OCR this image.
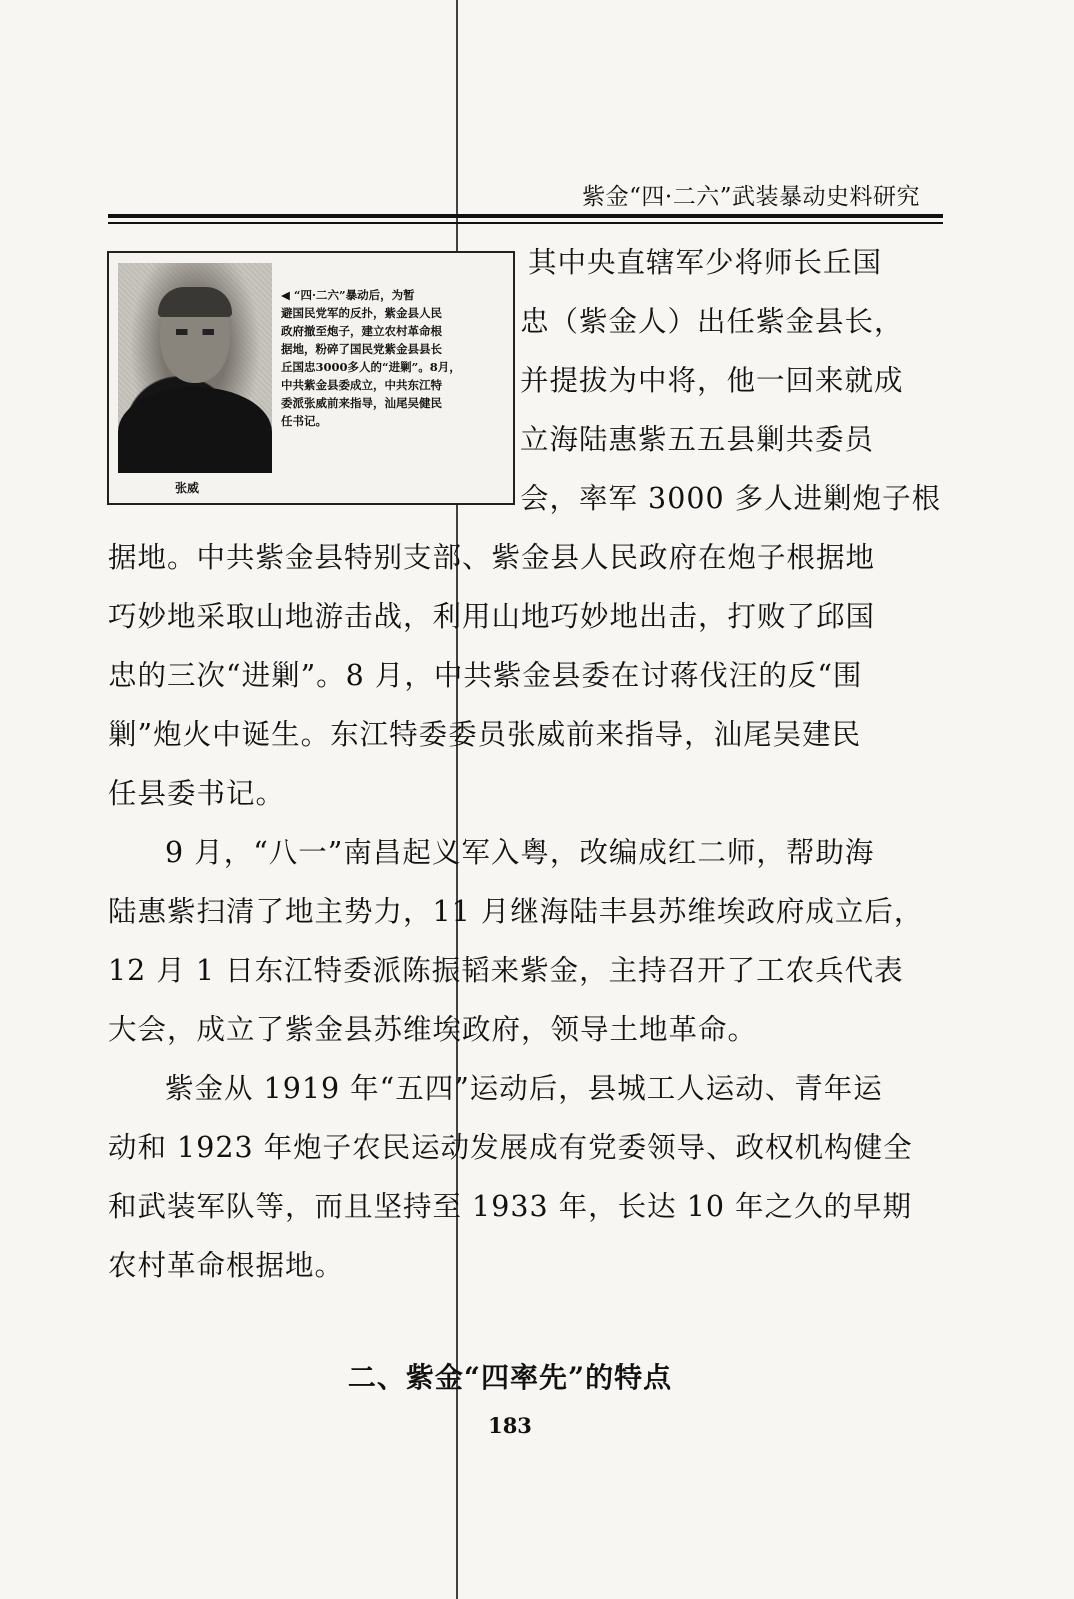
紫金“四·二六”武装暴动史料研究
张威
◀ “四·二六”暴动后，为暂
避国民党军的反扑，紫金县人民
政府撤至炮子，建立农村革命根
据地，粉碎了国民党紫金县县长
丘国忠3000多人的“进剿”。8月，
中共紫金县委成立，中共东江特
委派张威前来指导，汕尾吴健民
任书记。
其中央直辖军少将师长丘国
忠（紫金人）出任紫金县长，
并提拔为中将，他一回来就成
立海陆惠紫五五县剿共委员
会，率军 3000 多人进剿炮子根
据地。中共紫金县特别支部、紫金县人民政府在炮子根据地
巧妙地采取山地游击战，利用山地巧妙地出击，打败了邱国
忠的三次“进剿”。8 月，中共紫金县委在讨蒋伐汪的反“围
剿”炮火中诞生。东江特委委员张威前来指导，汕尾吴建民
任县委书记。
9 月，“八一”南昌起义军入粤，改编成红二师，帮助海
陆惠紫扫清了地主势力，11 月继海陆丰县苏维埃政府成立后，
12 月 1 日东江特委派陈振韬来紫金，主持召开了工农兵代表
大会，成立了紫金县苏维埃政府，领导土地革命。
紫金从 1919 年“五四”运动后，县城工人运动、青年运
动和 1923 年炮子农民运动发展成有党委领导、政权机构健全
和武装军队等，而且坚持至 1933 年，长达 10 年之久的早期
农村革命根据地。
二、紫金“四率先”的特点
183
